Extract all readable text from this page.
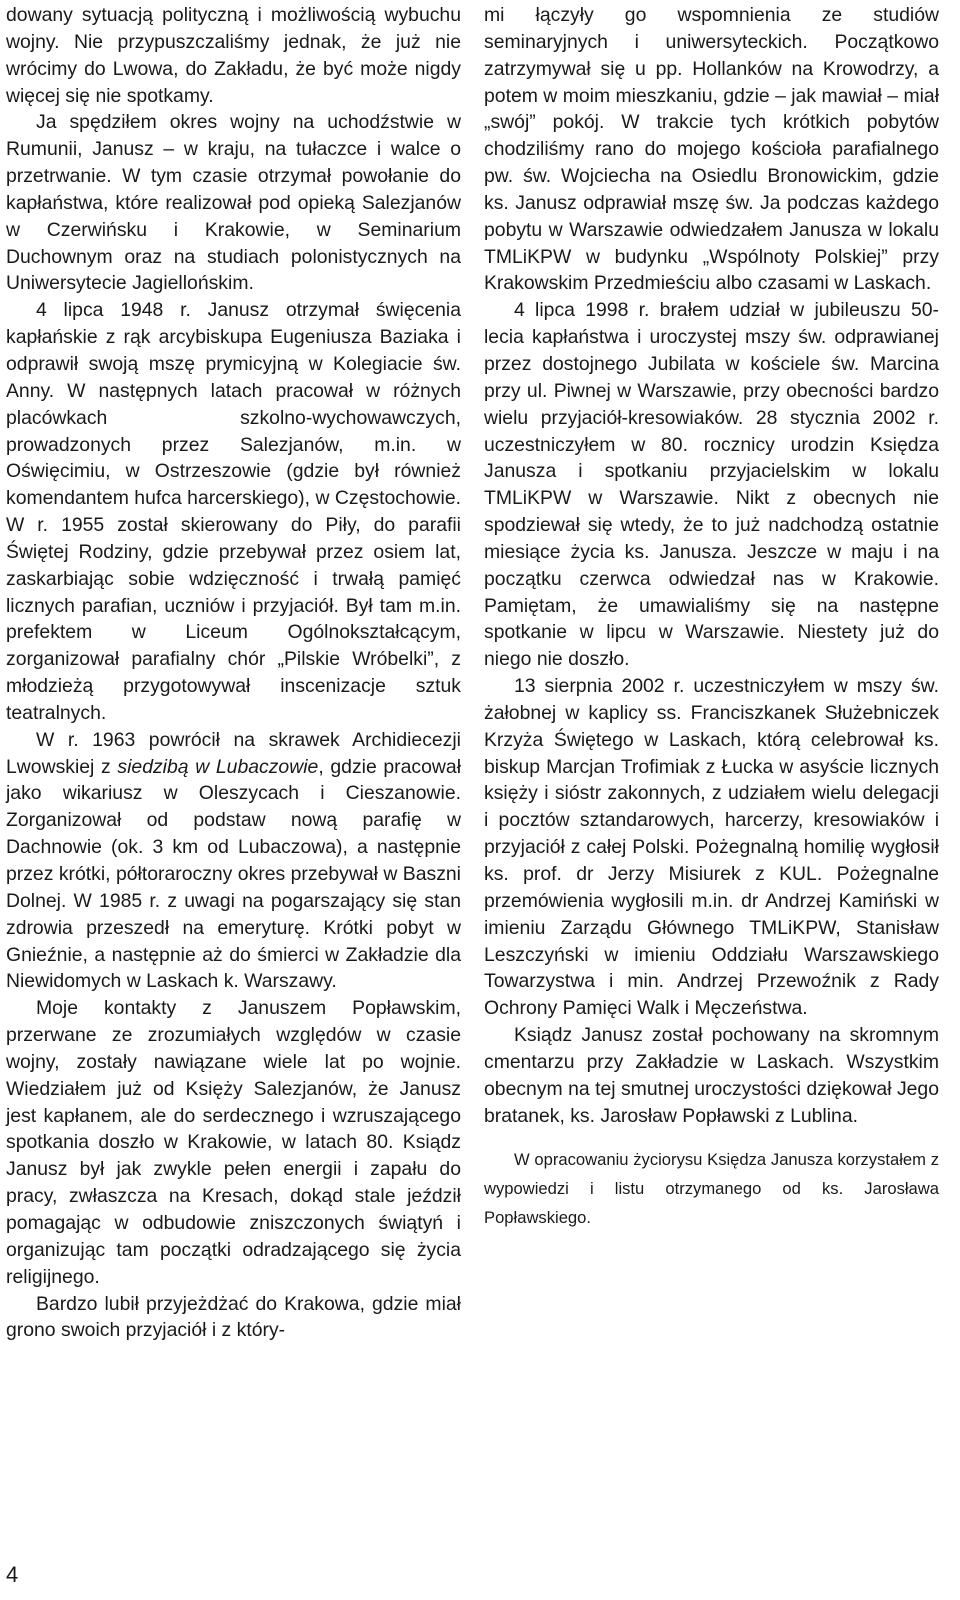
dowany sytuacją polityczną i możliwością wybuchu wojny. Nie przypuszczaliśmy jednak, że już nie wrócimy do Lwowa, do Zakładu, że być może nigdy więcej się nie spotkamy.

Ja spędziłem okres wojny na uchodźstwie w Rumunii, Janusz – w kraju, na tułaczce i walce o przetrwanie. W tym czasie otrzymał powołanie do kapłaństwa, które realizował pod opieką Salezjanów w Czerwińsku i Krakowie, w Seminarium Duchownym oraz na studiach polonistycznych na Uniwersytecie Jagiellońskim.

4 lipca 1948 r. Janusz otrzymał święcenia kapłańskie z rąk arcybiskupa Eugeniusza Baziaka i odprawił swoją mszę prymicyjną w Kolegiacie św. Anny. W następnych latach pracował w różnych placówkach szkolno-wychowawczych, prowadzonych przez Salezjanów, m.in. w Oświęcimiu, w Ostrzeszowie (gdzie był również komendantem hufca harcerskiego), w Częstochowie. W r. 1955 został skierowany do Piły, do parafii Świętej Rodziny, gdzie przebywał przez osiem lat, zaskarbiając sobie wdzięczność i trwałą pamięć licznych parafian, uczniów i przyjaciół. Był tam m.in. prefektem w Liceum Ogólnokształcącym, zorganizował parafialny chór „Pilskie Wróbelki”, z młodzieżą przygotowywał inscenizacje sztuk teatralnych.

W r. 1963 powrócił na skrawek Archidiecezji Lwowskiej z siedzibą w Lubaczowie, gdzie pracował jako wikariusz w Oleszycach i Cieszanowie. Zorganizował od podstaw nową parafię w Dachnowie (ok. 3 km od Lubaczowa), a następnie przez krótki, półtoraroczny okres przebywał w Baszni Dolnej. W 1985 r. z uwagi na pogarszający się stan zdrowia przeszedł na emeryturę. Krótki pobyt w Gnieźnie, a następnie aż do śmierci w Zakładzie dla Niewidomych w Laskach k. Warszawy.

Moje kontakty z Januszem Popławskim, przerwane ze zrozumiałych względów w czasie wojny, zostały nawiązane wiele lat po wojnie. Wiedziałem już od Księży Salezjanów, że Janusz jest kapłanem, ale do serdecznego i wzruszającego spotkania doszło w Krakowie, w latach 80. Ksiądz Janusz był jak zwykle pełen energii i zapału do pracy, zwłaszcza na Kresach, dokąd stale jeździł pomagając w odbudowie zniszczonych świątyń i organizując tam początki odradzającego się życia religijnego.

Bardzo lubił przyjeżdżać do Krakowa, gdzie miał grono swoich przyjaciół i z który-

mi łączyły go wspomnienia ze studiów seminaryjnych i uniwersyteckich. Początkowo zatrzymywał się u pp. Hollanków na Krowodrzy, a potem w moim mieszkaniu, gdzie – jak mawiał – miał „swój” pokój. W trakcie tych krótkich pobytów chodziliśmy rano do mojego kościoła parafialnego pw. św. Wojciecha na Osiedlu Bronowickim, gdzie ks. Janusz odprawiał mszę św. Ja podczas każdego pobytu w Warszawie odwiedzałem Janusza w lokalu TMLiKPW w budynku „Wspólnoty Polskiej” przy Krakowskim Przedmieściu albo czasami w Laskach.

4 lipca 1998 r. brałem udział w jubileuszu 50-lecia kapłaństwa i uroczystej mszy św. odprawianej przez dostojnego Jubilata w kościele św. Marcina przy ul. Piwnej w Warszawie, przy obecności bardzo wielu przyjaciół-kresowiaków. 28 stycznia 2002 r. uczestniczyłem w 80. rocznicy urodzin Księdza Janusza i spotkaniu przyjacielskim w lokalu TMLiKPW w Warszawie. Nikt z obecnych nie spodziewał się wtedy, że to już nadchodzą ostatnie miesiące życia ks. Janusza. Jeszcze w maju i na początku czerwca odwiedzał nas w Krakowie. Pamiętam, że umawialiśmy się na następne spotkanie w lipcu w Warszawie. Niestety już do niego nie doszło.

13 sierpnia 2002 r. uczestniczyłem w mszy św. żałobnej w kaplicy ss. Franciszkanek Służebniczek Krzyża Świętego w Laskach, którą celebrował ks. biskup Marcjan Trofimiak z Łucka w asyście licznych księży i sióstr zakonnych, z udziałem wielu delegacji i pocztów sztandarowych, harcerzy, kresowiaków i przyjaciół z całej Polski. Pożegnalną homilię wygłosił ks. prof. dr Jerzy Misiurek z KUL. Pożegnalne przemówienia wygłosili m.in. dr Andrzej Kamiński w imieniu Zarządu Głównego TMLiKPW, Stanisław Leszczyński w imieniu Oddziału Warszawskiego Towarzystwa i min. Andrzej Przewoźnik z Rady Ochrony Pamięci Walk i Męczeństwa.

Ksiądz Janusz został pochowany na skromnym cmentarzu przy Zakładzie w Laskach. Wszystkim obecnym na tej smutnej uroczystości dziękował Jego bratanek, ks. Jarosław Popławski z Lublina.

W opracowaniu życiorysu Księdza Janusza korzystałem z wypowiedzi i listu otrzymanego od ks. Jarosława Popławskiego.

4
